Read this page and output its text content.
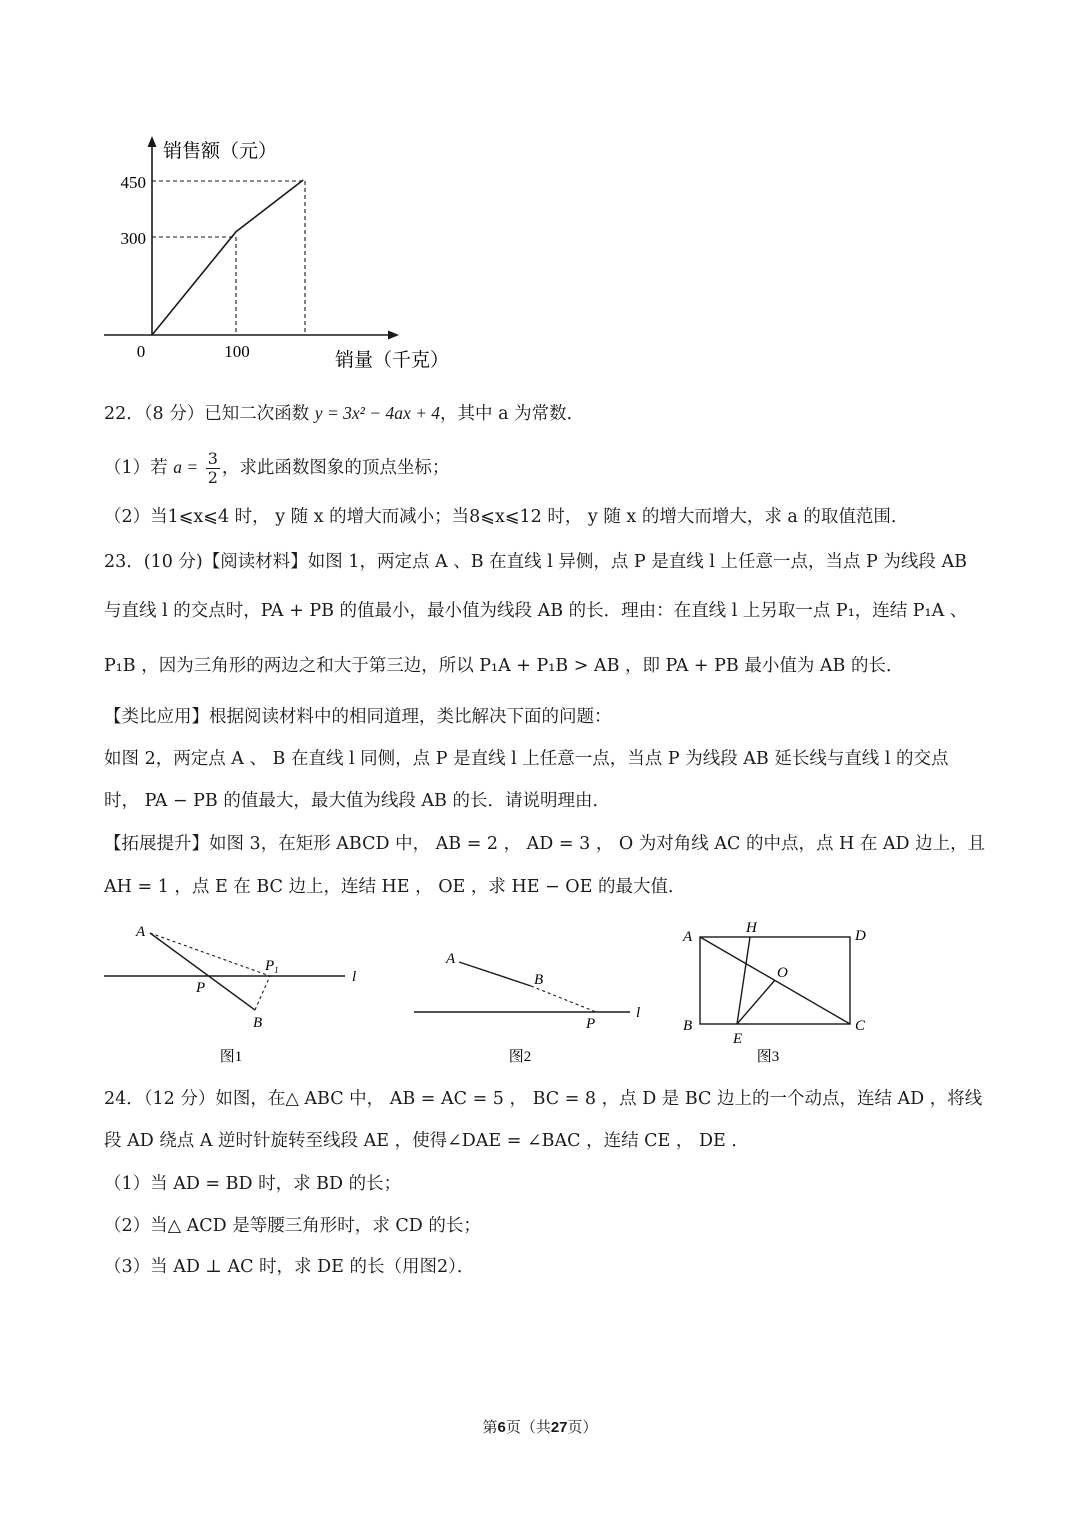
销售额（元）
450
300
0	100	销量（千克）
22．（8 分）已知二次函数 y = 3x² − 4ax + 4，其中 a 为常数．
（1）若 $a = \frac{3}{2}$ ，求此函数图象的顶点坐标；
（2）当1⩽x⩽4 时， y 随 x 的增大而减小；当8⩽x⩽12 时， y 随 x 的增大而增大，求 a 的取值范围．
23．(10 分)【阅读材料】如图 1，两定点 A 、B 在直线 l 异侧，点 P 是直线 l 上任意一点，当点 P 为线段 AB
与直线 l 的交点时，PA + PB 的值最小，最小值为线段 AB 的长．理由：在直线 l 上另取一点 P₁，连结 P₁A 、
P₁B ，因为三角形的两边之和大于第三边，所以 P₁A + P₁B > AB ，即 PA + PB 最小值为 AB 的长．
【类比应用】根据阅读材料中的相同道理，类比解决下面的问题：
如图 2，两定点 A 、 B 在直线 l 同侧，点 P 是直线 l 上任意一点，当点 P 为线段 AB 延长线与直线 l 的交点
时， PA − PB 的值最大，最大值为线段 AB 的长．请说明理由．
【拓展提升】如图 3，在矩形 ABCD 中， AB = 2 ， AD = 3 ， O 为对角线 AC 的中点，点 H 在 AD 边上，且
AH = 1 ，点 E 在 BC 边上，连结 HE ， OE ，求 HE − OE 的最大值．
A
P
$P_1$
B
l
图1
A
B
P
l
图2
A
H	D
O
B	C
E
图3
24．（12 分）如图，在△ ABC 中， AB = AC = 5 ， BC = 8 ，点 D 是 BC 边上的一个动点，连结 AD ，将线
段 AD 绕点 A 逆时针旋转至线段 AE ，使得∠DAE = ∠BAC ，连结 CE ， DE ．
（1）当 AD = BD 时，求 BD 的长；
（2）当△ ACD 是等腰三角形时，求 CD 的长；
（3）当 AD ⊥ AC 时，求 DE 的长（用图2）．
第6页（共27页）
